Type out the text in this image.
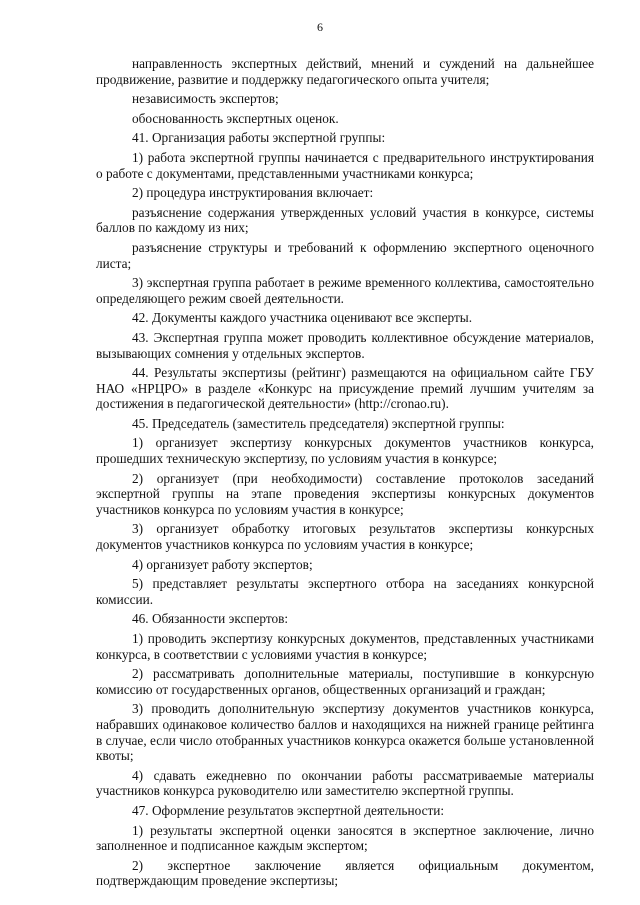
6

направленность экспертных действий, мнений и суждений на дальнейшее продвижение, развитие и поддержку педагогического опыта учителя;

независимость экспертов;

обоснованность экспертных оценок.

41. Организация работы экспертной группы:

1) работа экспертной группы начинается с предварительного инструктирования о работе с документами, представленными участниками конкурса;

2) процедура инструктирования включает:

разъяснение содержания утвержденных условий участия в конкурсе, системы баллов по каждому из них;

разъяснение структуры и требований к оформлению экспертного оценочного листа;

3) экспертная группа работает в режиме временного коллектива, самостоятельно определяющего режим своей деятельности.

42. Документы каждого участника оценивают все эксперты.

43. Экспертная группа может проводить коллективное обсуждение материалов, вызывающих сомнения у отдельных экспертов.

44. Результаты экспертизы (рейтинг) размещаются на официальном сайте ГБУ НАО «НРЦРО» в разделе «Конкурс на присуждение премий лучшим учителям за достижения в педагогической деятельности» (http://cronao.ru).

45. Председатель (заместитель председателя) экспертной группы:

1) организует экспертизу конкурсных документов участников конкурса, прошедших техническую экспертизу, по условиям участия в конкурсе;

2) организует (при необходимости) составление протоколов заседаний экспертной группы на этапе проведения экспертизы конкурсных документов участников конкурса по условиям участия в конкурсе;

3) организует обработку итоговых результатов экспертизы конкурсных документов участников конкурса по условиям участия в конкурсе;

4) организует работу экспертов;

5) представляет результаты экспертного отбора на заседаниях конкурсной комиссии.

46. Обязанности экспертов:

1) проводить экспертизу конкурсных документов, представленных участниками конкурса, в соответствии с условиями участия в конкурсе;

2) рассматривать дополнительные материалы, поступившие в конкурсную комиссию от государственных органов, общественных организаций и граждан;

3) проводить дополнительную экспертизу документов участников конкурса, набравших одинаковое количество баллов и находящихся на нижней границе рейтинга в случае, если число отобранных участников конкурса окажется больше установленной квоты;

4) сдавать ежедневно по окончании работы рассматриваемые материалы участников конкурса руководителю или заместителю экспертной группы.

47. Оформление результатов экспертной деятельности:

1) результаты экспертной оценки заносятся в экспертное заключение, лично заполненное и подписанное каждым экспертом;

2) экспертное заключение является официальным документом, подтверждающим проведение экспертизы;
